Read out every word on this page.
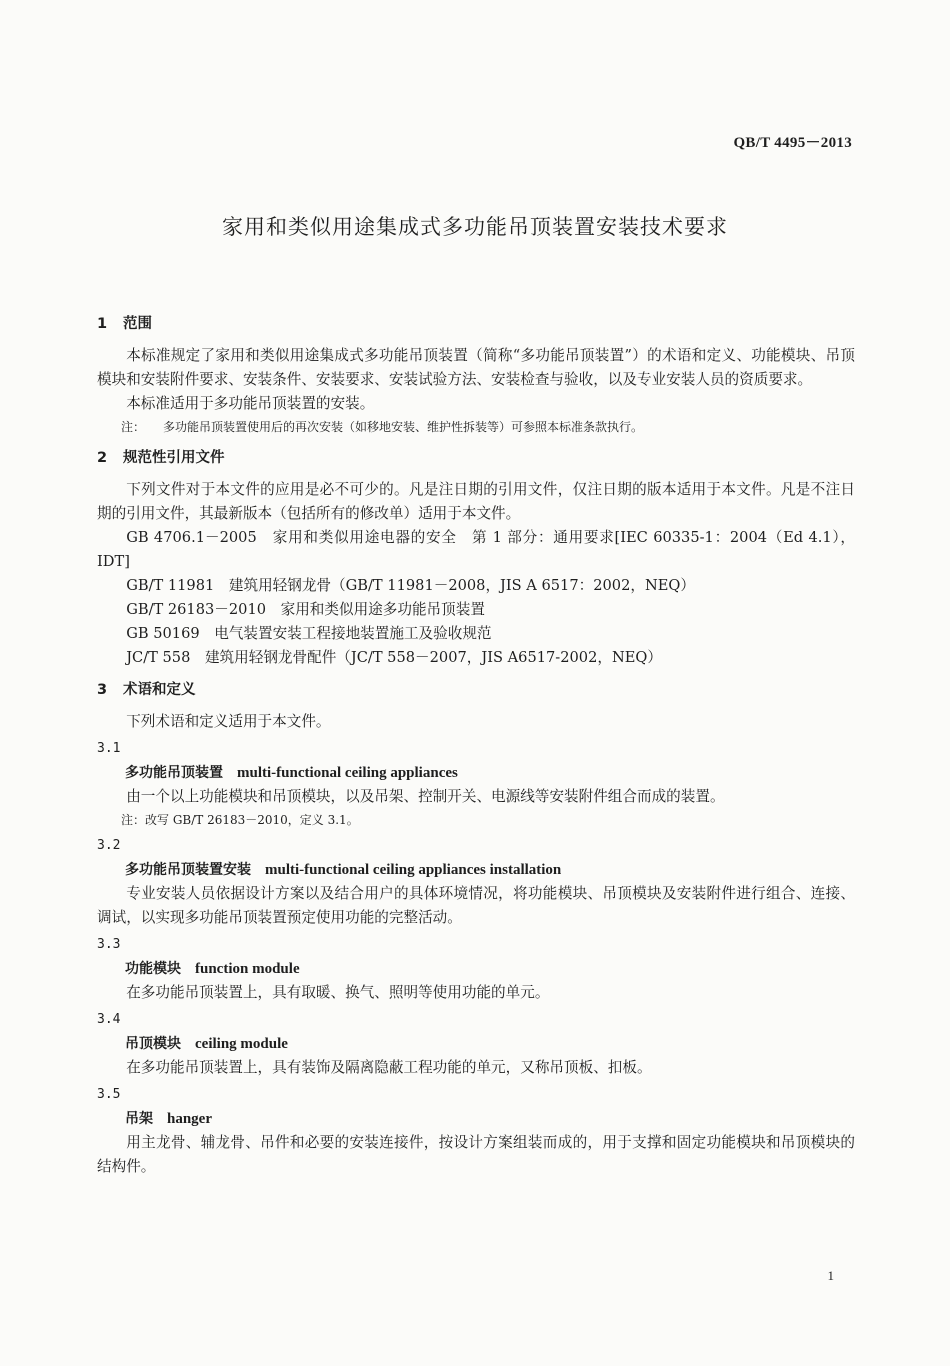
QB/T 4495－2013
家用和类似用途集成式多功能吊顶装置安装技术要求
1 范围

本标准规定了家用和类似用途集成式多功能吊顶装置（简称“多功能吊顶装置”）的术语和定义、功能模块、吊顶模块和安装附件要求、安装条件、安装要求、安装试验方法、安装检查与验收，以及专业安装人员的资质要求。

本标准适用于多功能吊顶装置的安装。

注： 多功能吊顶装置使用后的再次安装（如移地安装、维护性拆装等）可参照本标准条款执行。
2 规范性引用文件

下列文件对于本文件的应用是必不可少的。凡是注日期的引用文件，仅注日期的版本适用于本文件。凡是不注日期的引用文件，其最新版本（包括所有的修改单）适用于本文件。

GB 4706.1－2005　家用和类似用途电器的安全　第 1 部分：通用要求[IEC 60335-1：2004（Ed 4.1），IDT]

GB/T 11981　建筑用轻钢龙骨（GB/T 11981－2008，JIS A 6517：2002，NEQ）

GB/T 26183－2010　家用和类似用途多功能吊顶装置

GB 50169　电气装置安装工程接地装置施工及验收规范

JC/T 558　建筑用轻钢龙骨配件（JC/T 558－2007，JIS A6517-2002，NEQ）

3 术语和定义

下列术语和定义适用于本文件。

3.1
多功能吊顶装置 multi-functional ceiling appliances

由一个以上功能模块和吊顶模块，以及吊架、控制开关、电源线等安装附件组合而成的装置。

注：改写 GB/T 26183－2010，定义 3.1。
3.2
多功能吊顶装置安装 multi-functional ceiling appliances installation

专业安装人员依据设计方案以及结合用户的具体环境情况，将功能模块、吊顶模块及安装附件进行组合、连接、调试，以实现多功能吊顶装置预定使用功能的完整活动。

3.3
功能模块 function module

在多功能吊顶装置上，具有取暖、换气、照明等使用功能的单元。

3.4
吊顶模块 ceiling module

在多功能吊顶装置上，具有装饰及隔离隐蔽工程功能的单元，又称吊顶板、扣板。

3.5
吊架 hanger

用主龙骨、辅龙骨、吊件和必要的安装连接件，按设计方案组装而成的，用于支撑和固定功能模块和吊顶模块的结构件。

1
